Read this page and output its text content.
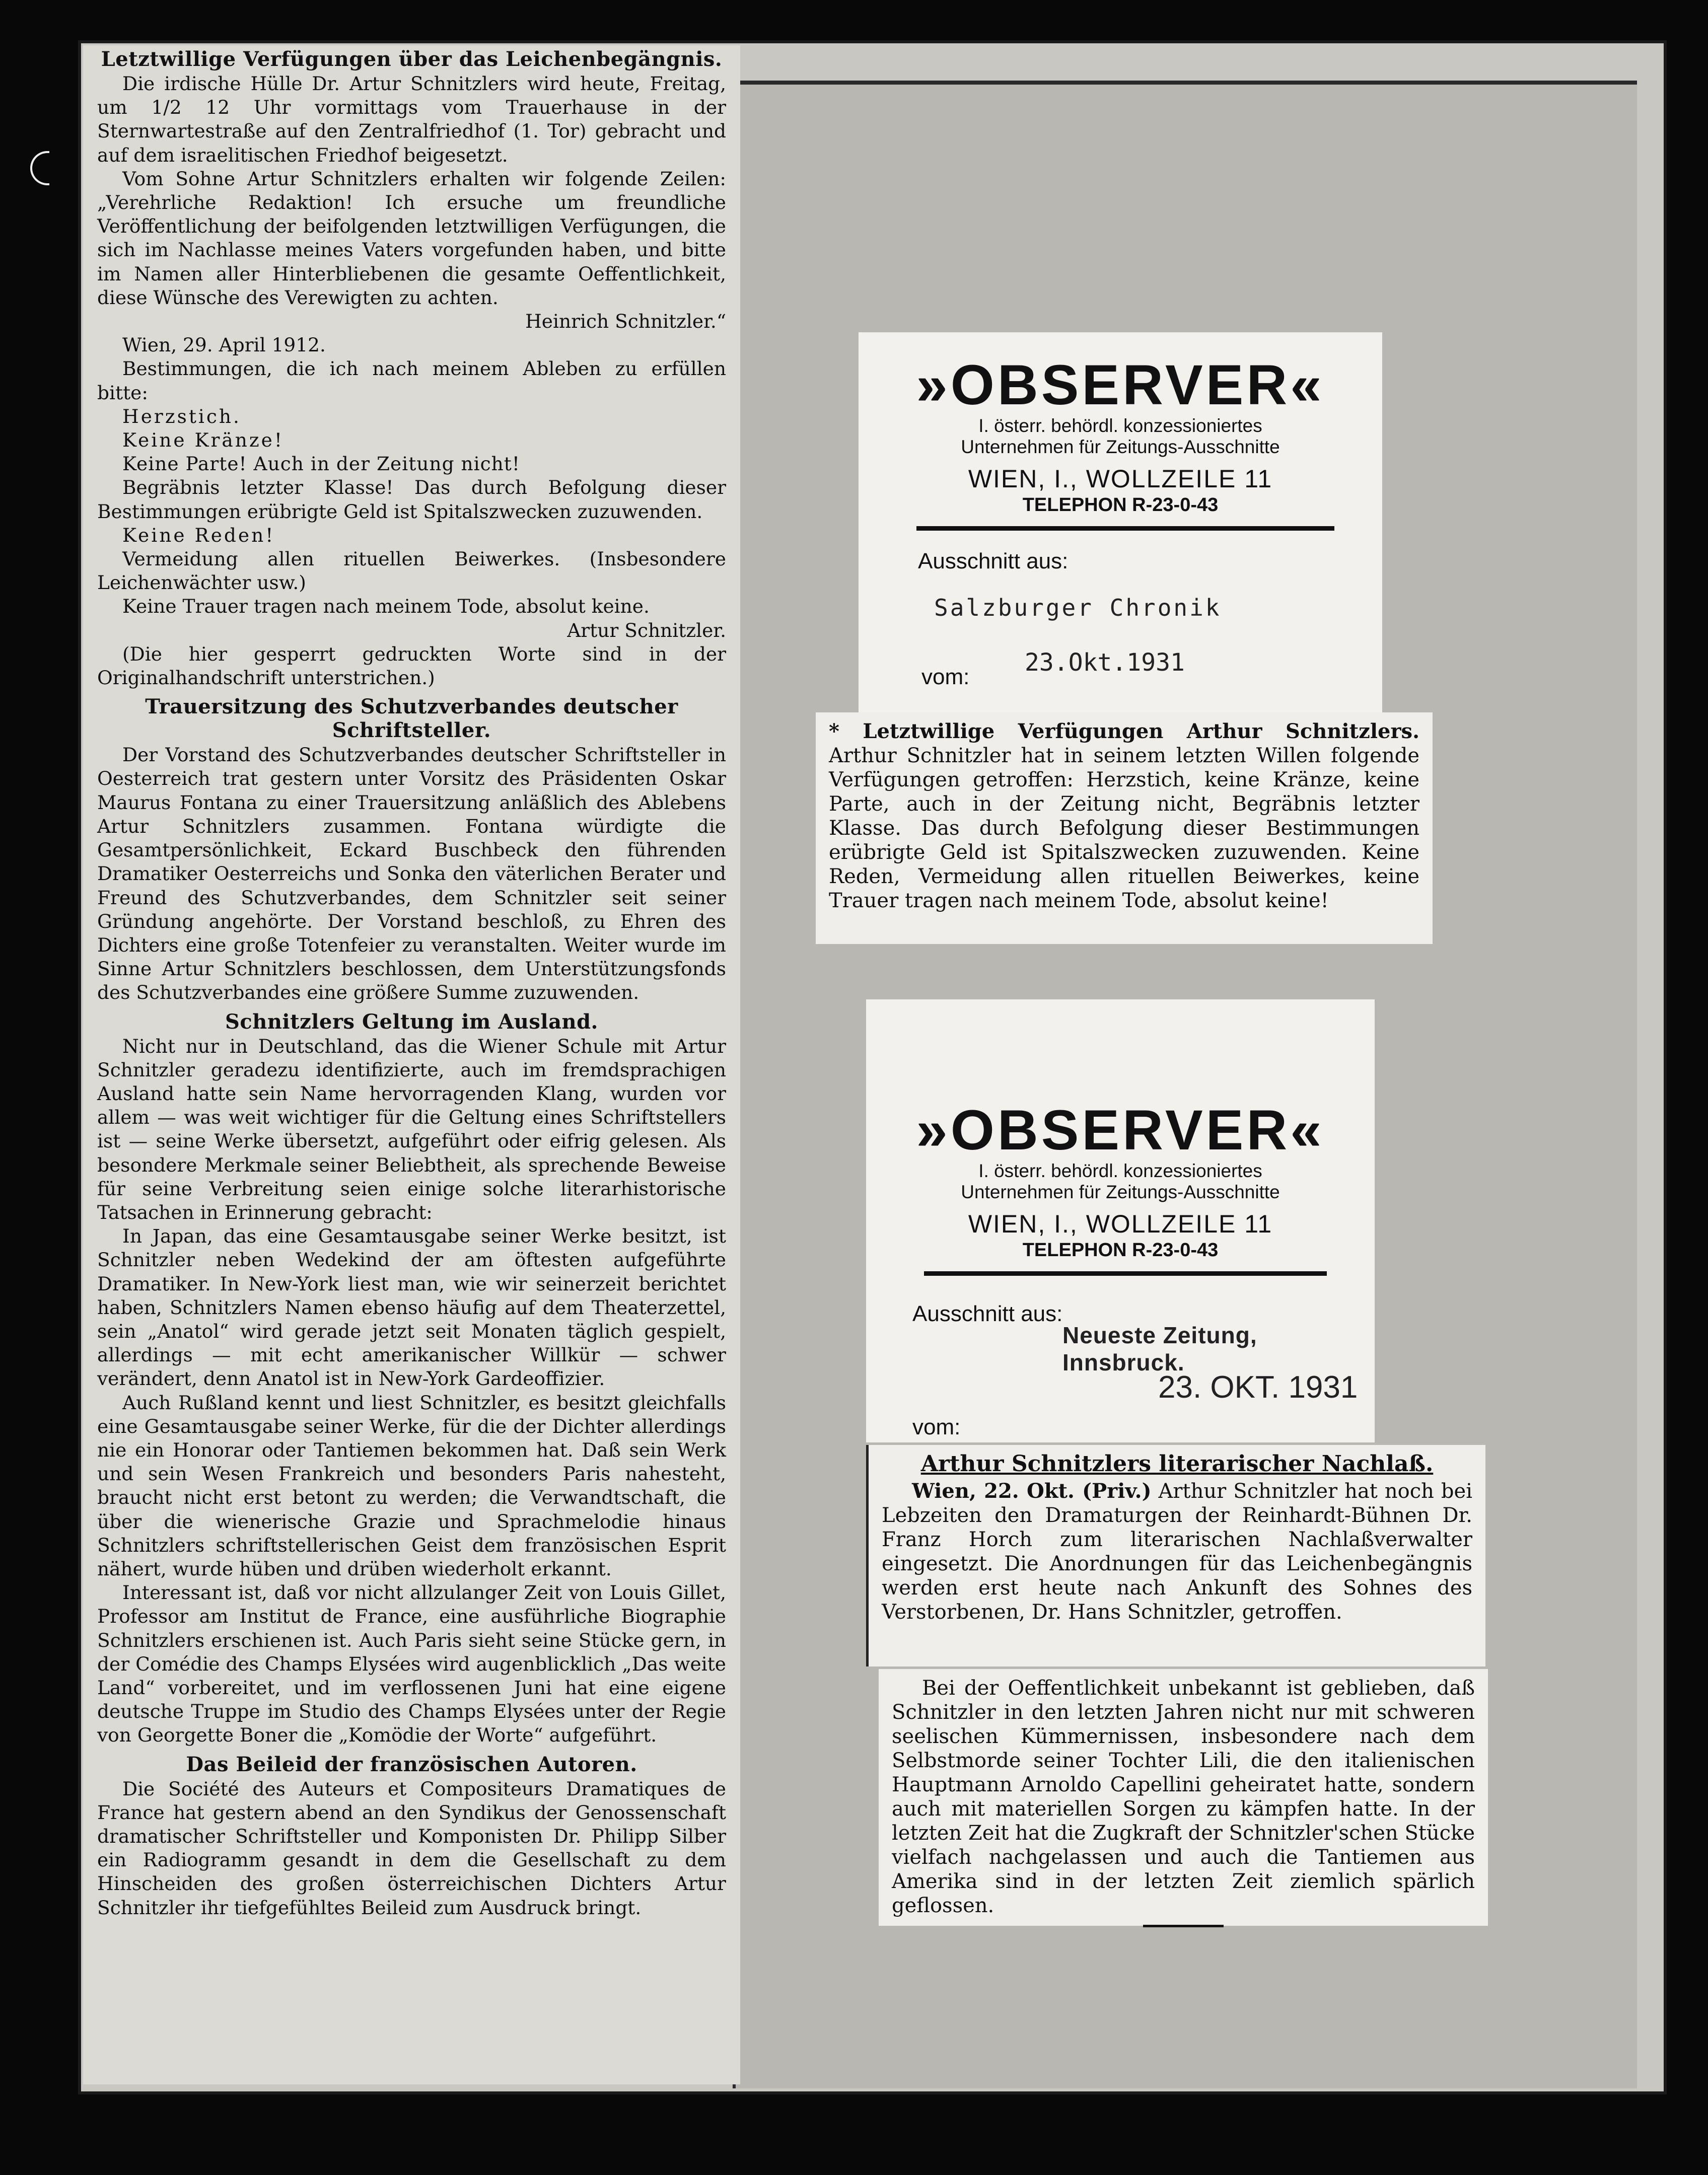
Letztwillige Verfügungen über das Leichenbegängnis.

Die irdische Hülle Dr. Artur Schnitzlers wird heute, Freitag, um 1/2 12 Uhr vormittags vom Trauerhause in der Sternwartestraße auf den Zentralfriedhof (1. Tor) gebracht und auf dem israelitischen Friedhof beigesetzt.

Vom Sohne Artur Schnitzlers erhalten wir folgende Zeilen: „Verehrliche Redaktion! Ich ersuche um freundliche Veröffentlichung der beifolgenden letztwilligen Verfügungen, die sich im Nachlasse meines Vaters vorgefunden haben, und bitte im Namen aller Hinterbliebenen die gesamte Oeffentlichkeit, diese Wünsche des Verewigten zu achten.

Heinrich Schnitzler.“

Wien, 29. April 1912.

Bestimmungen, die ich nach meinem Ableben zu erfüllen bitte:

Herzstich.
Keine Kränze!
Keine Parte! Auch in der Zeitung nicht!

Begräbnis letzter Klasse! Das durch Befolgung dieser Bestimmungen erübrigte Geld ist Spitalszwecken zuzuwenden.

Keine Reden!

Vermeidung allen rituellen Beiwerkes. (Insbesondere Leichenwächter usw.)

Keine Trauer tragen nach meinem Tode, absolut keine.

Artur Schnitzler.

(Die hier gesperrt gedruckten Worte sind in der Originalhandschrift unterstrichen.)

Trauersitzung des Schutzverbandes deutscher Schriftsteller.

Der Vorstand des Schutzverbandes deutscher Schriftsteller in Oesterreich trat gestern unter Vorsitz des Präsidenten Oskar Maurus Fontana zu einer Trauersitzung anläßlich des Ablebens Artur Schnitzlers zusammen. Fontana würdigte die Gesamtpersönlichkeit, Eckard Buschbeck den führenden Dramatiker Oesterreichs und Sonka den väterlichen Berater und Freund des Schutzverbandes, dem Schnitzler seit seiner Gründung angehörte. Der Vorstand beschloß, zu Ehren des Dichters eine große Totenfeier zu veranstalten. Weiter wurde im Sinne Artur Schnitzlers beschlossen, dem Unterstützungsfonds des Schutzverbandes eine größere Summe zuzuwenden.

Schnitzlers Geltung im Ausland.

Nicht nur in Deutschland, das die Wiener Schule mit Artur Schnitzler geradezu identifizierte, auch im fremdsprachigen Ausland hatte sein Name hervorragenden Klang, wurden vor allem — was weit wichtiger für die Geltung eines Schriftstellers ist — seine Werke übersetzt, aufgeführt oder eifrig gelesen. Als besondere Merkmale seiner Beliebtheit, als sprechende Beweise für seine Verbreitung seien einige solche literarhistorische Tatsachen in Erinnerung gebracht:

In Japan, das eine Gesamtausgabe seiner Werke besitzt, ist Schnitzler neben Wedekind der am öftesten aufgeführte Dramatiker. In New-York liest man, wie wir seinerzeit berichtet haben, Schnitzlers Namen ebenso häufig auf dem Theaterzettel, sein „Anatol“ wird gerade jetzt seit Monaten täglich gespielt, allerdings — mit echt amerikanischer Willkür — schwer verändert, denn Anatol ist in New-York Gardeoffizier.

Auch Rußland kennt und liest Schnitzler, es besitzt gleichfalls eine Gesamtausgabe seiner Werke, für die der Dichter allerdings nie ein Honorar oder Tantiemen bekommen hat. Daß sein Werk und sein Wesen Frankreich und besonders Paris nahesteht, braucht nicht erst betont zu werden; die Verwandtschaft, die über die wienerische Grazie und Sprachmelodie hinaus Schnitzlers schriftstellerischen Geist dem französischen Esprit nähert, wurde hüben und drüben wiederholt erkannt.

Interessant ist, daß vor nicht allzulanger Zeit von Louis Gillet, Professor am Institut de France, eine ausführliche Biographie Schnitzlers erschienen ist. Auch Paris sieht seine Stücke gern, in der Comédie des Champs Elysées wird augenblicklich „Das weite Land“ vorbereitet, und im verflossenen Juni hat eine eigene deutsche Truppe im Studio des Champs Elysées unter der Regie von Georgette Boner die „Komödie der Worte“ aufgeführt.

Das Beileid der französischen Autoren.

Die Société des Auteurs et Compositeurs Dramatiques de France hat gestern abend an den Syndikus der Genossenschaft dramatischer Schriftsteller und Komponisten Dr. Philipp Silber ein Radiogramm gesandt in dem die Gesellschaft zu dem Hinscheiden des großen österreichischen Dichters Artur Schnitzler ihr tiefgefühltes Beileid zum Ausdruck bringt.

»OBSERVER«
I. österr. behördl. konzessioniertes
Unternehmen für Zeitungs-Ausschnitte
WIEN, I., WOLLZEILE 11
TELEPHON R-23-0-43
Ausschnitt aus:
Salzburger Chronik
vom:
23.Okt.1931
* Letztwillige Verfügungen Arthur Schnitzlers. Arthur Schnitzler hat in seinem letzten Willen folgende Verfügungen getroffen: Herzstich, keine Kränze, keine Parte, auch in der Zeitung nicht, Begräbnis letzter Klasse. Das durch Befolgung dieser Bestimmungen erübrigte Geld ist Spitalszwecken zuzuwenden. Keine Reden, Vermeidung allen rituellen Beiwerkes, keine Trauer tragen nach meinem Tode, absolut keine!
»OBSERVER«
I. österr. behördl. konzessioniertes
Unternehmen für Zeitungs-Ausschnitte
WIEN, I., WOLLZEILE 11
TELEPHON R-23-0-43
Ausschnitt aus:
Neueste Zeitung, Innsbruck.
23. OKT. 1931
vom:
Arthur Schnitzlers literarischer Nachlaß.
Wien, 22. Okt. (Priv.) Arthur Schnitzler hat noch bei Lebzeiten den Dramaturgen der Reinhardt-Bühnen Dr. Franz Horch zum literarischen Nachlaßverwalter eingesetzt. Die Anordnungen für das Leichenbegängnis werden erst heute nach Ankunft des Sohnes des Verstorbenen, Dr. Hans Schnitzler, getroffen.
Bei der Oeffentlichkeit unbekannt ist geblieben, daß Schnitzler in den letzten Jahren nicht nur mit schweren seelischen Kümmernissen, insbesondere nach dem Selbstmorde seiner Tochter Lili, die den italienischen Hauptmann Arnoldo Capellini geheiratet hatte, sondern auch mit materiellen Sorgen zu kämpfen hatte. In der letzten Zeit hat die Zugkraft der Schnitzler'schen Stücke vielfach nachgelassen und auch die Tantiemen aus Amerika sind in der letzten Zeit ziemlich spärlich geflossen.
